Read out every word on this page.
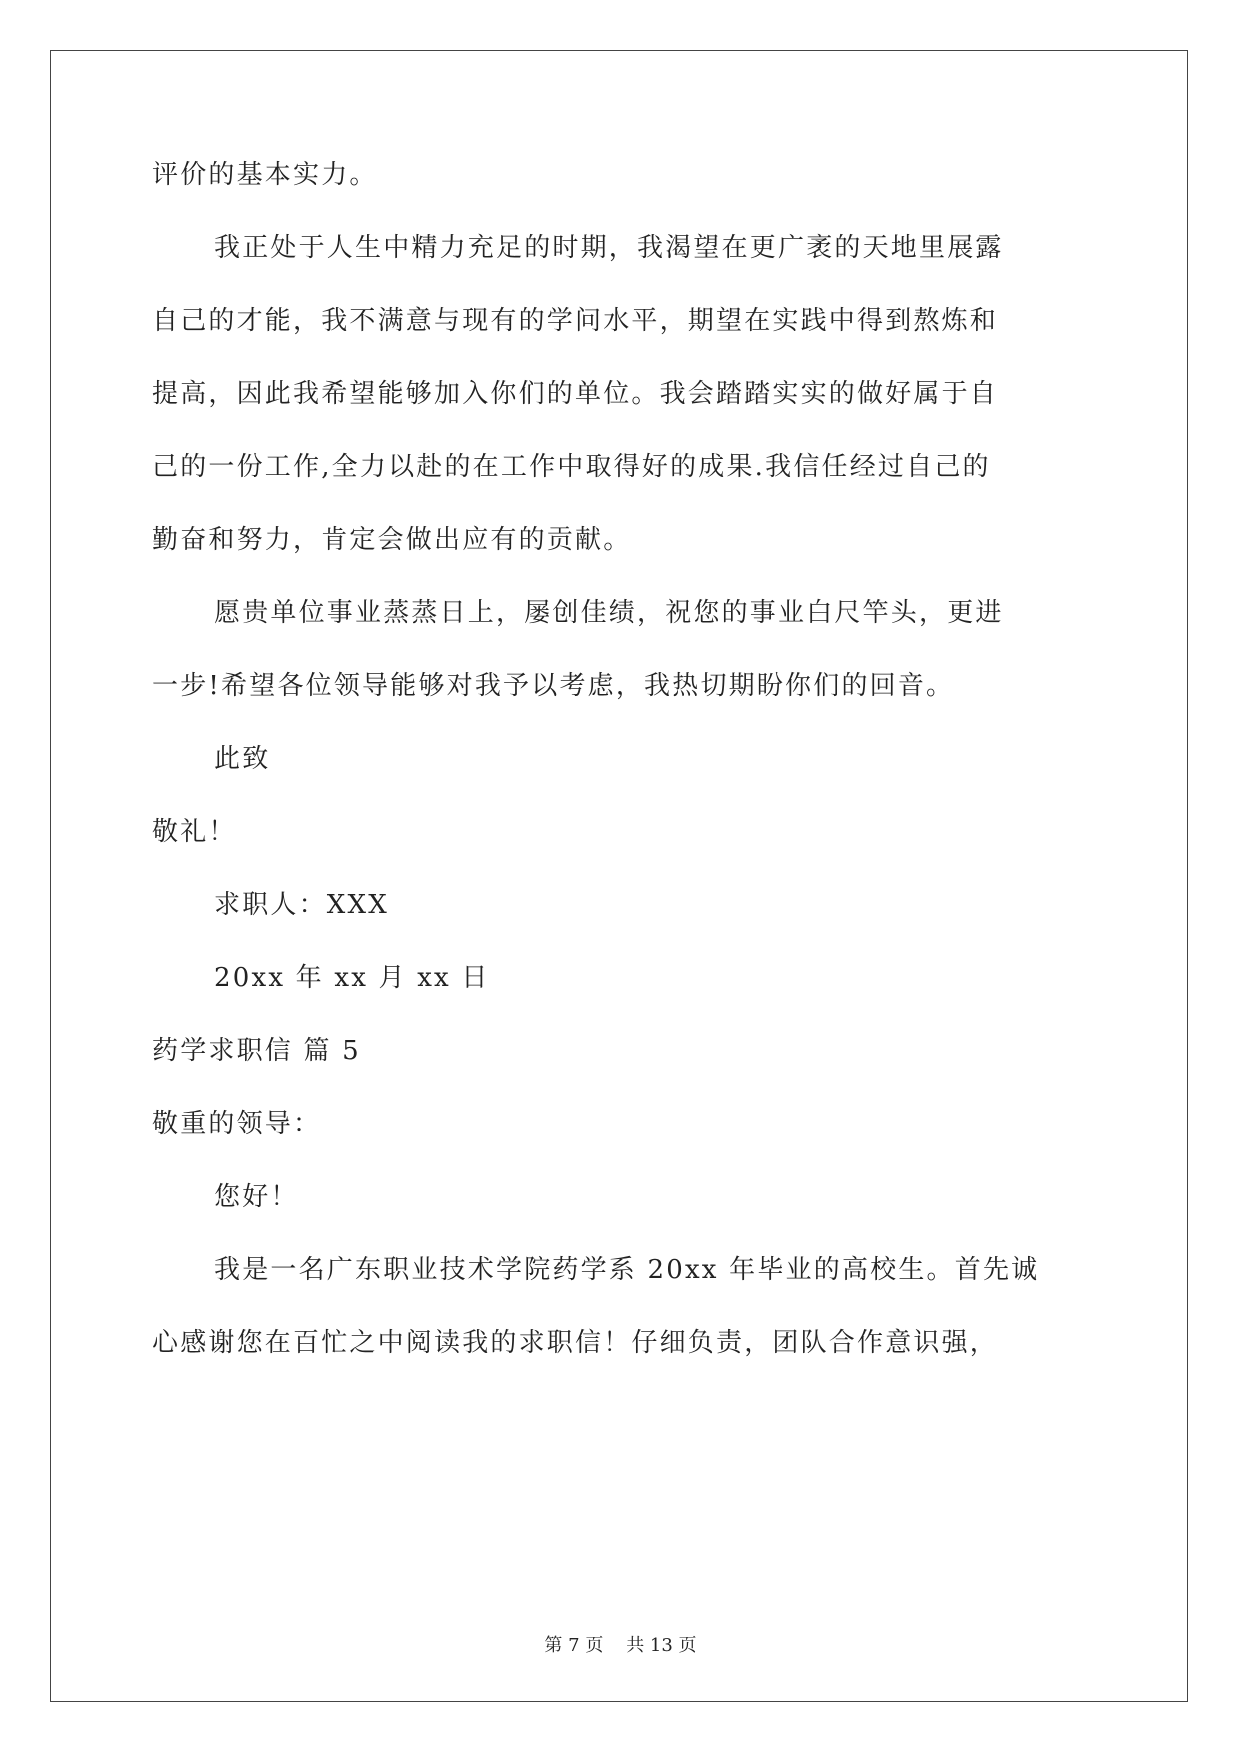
评价的基本实力。
我正处于人生中精力充足的时期，我渴望在更广袤的天地里展露
自己的才能，我不满意与现有的学问水平，期望在实践中得到熬炼和
提高，因此我希望能够加入你们的单位。我会踏踏实实的做好属于自
己的一份工作,全力以赴的在工作中取得好的成果.我信任经过自己的
勤奋和努力，肯定会做出应有的贡献。
愿贵单位事业蒸蒸日上，屡创佳绩，祝您的事业白尺竿头，更进
一步!希望各位领导能够对我予以考虑，我热切期盼你们的回音。
此致
敬礼！
求职人：XXX
20xx 年 xx 月 xx 日
药学求职信 篇 5
敬重的领导：
您好！
我是一名广东职业技术学院药学系 20xx 年毕业的高校生。首先诚
心感谢您在百忙之中阅读我的求职信！仔细负责，团队合作意识强，
第 7 页    共 13 页
